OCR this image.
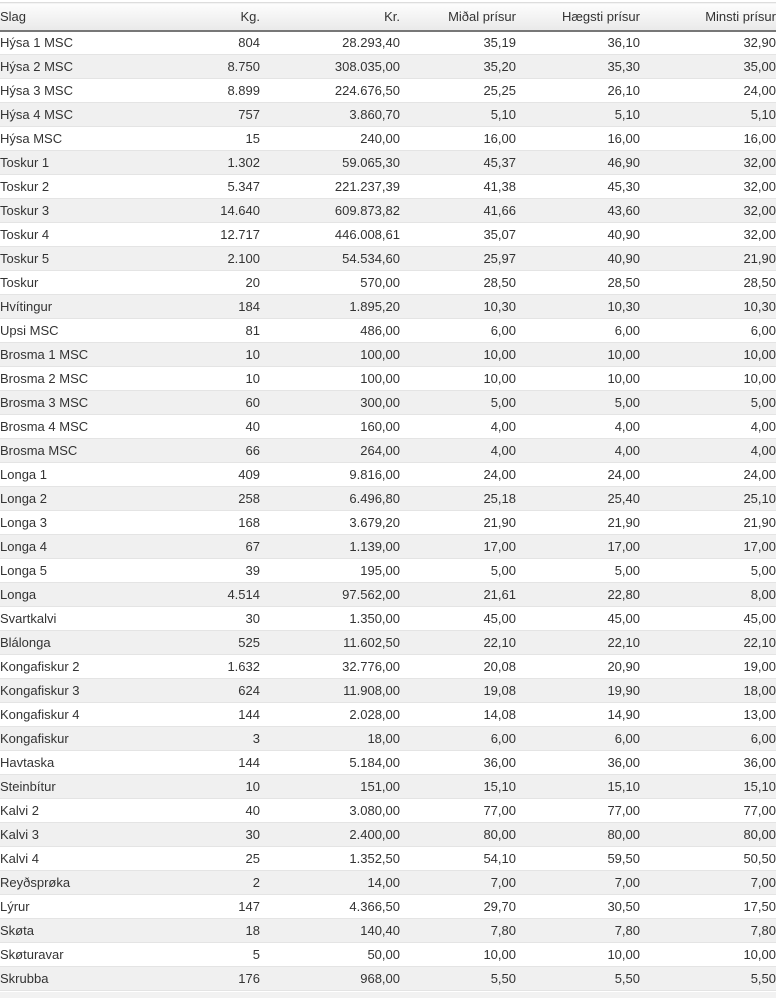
Slag	Kg.	Kr.	Miðal prísur	Hægsti prísur	Minsti prísur
Hýsa 1 MSC	804	28.293,40	35,19	36,10	32,90
Hýsa 2 MSC	8.750	308.035,00	35,20	35,30	35,00
Hýsa 3 MSC	8.899	224.676,50	25,25	26,10	24,00
Hýsa 4 MSC	757	3.860,70	5,10	5,10	5,10
Hýsa MSC	15	240,00	16,00	16,00	16,00
Toskur 1	1.302	59.065,30	45,37	46,90	32,00
Toskur 2	5.347	221.237,39	41,38	45,30	32,00
Toskur 3	14.640	609.873,82	41,66	43,60	32,00
Toskur 4	12.717	446.008,61	35,07	40,90	32,00
Toskur 5	2.100	54.534,60	25,97	40,90	21,90
Toskur	20	570,00	28,50	28,50	28,50
Hvítingur	184	1.895,20	10,30	10,30	10,30
Upsi MSC	81	486,00	6,00	6,00	6,00
Brosma 1 MSC	10	100,00	10,00	10,00	10,00
Brosma 2 MSC	10	100,00	10,00	10,00	10,00
Brosma 3 MSC	60	300,00	5,00	5,00	5,00
Brosma 4 MSC	40	160,00	4,00	4,00	4,00
Brosma MSC	66	264,00	4,00	4,00	4,00
Longa 1	409	9.816,00	24,00	24,00	24,00
Longa 2	258	6.496,80	25,18	25,40	25,10
Longa 3	168	3.679,20	21,90	21,90	21,90
Longa 4	67	1.139,00	17,00	17,00	17,00
Longa 5	39	195,00	5,00	5,00	5,00
Longa	4.514	97.562,00	21,61	22,80	8,00
Svartkalvi	30	1.350,00	45,00	45,00	45,00
Blálonga	525	11.602,50	22,10	22,10	22,10
Kongafiskur 2	1.632	32.776,00	20,08	20,90	19,00
Kongafiskur 3	624	11.908,00	19,08	19,90	18,00
Kongafiskur 4	144	2.028,00	14,08	14,90	13,00
Kongafiskur	3	18,00	6,00	6,00	6,00
Havtaska	144	5.184,00	36,00	36,00	36,00
Steinbítur	10	151,00	15,10	15,10	15,10
Kalvi 2	40	3.080,00	77,00	77,00	77,00
Kalvi 3	30	2.400,00	80,00	80,00	80,00
Kalvi 4	25	1.352,50	54,10	59,50	50,50
Reyðsprøka	2	14,00	7,00	7,00	7,00
Lýrur	147	4.366,50	29,70	30,50	17,50
Skøta	18	140,40	7,80	7,80	7,80
Skøturavar	5	50,00	10,00	10,00	10,00
Skrubba	176	968,00	5,50	5,50	5,50
